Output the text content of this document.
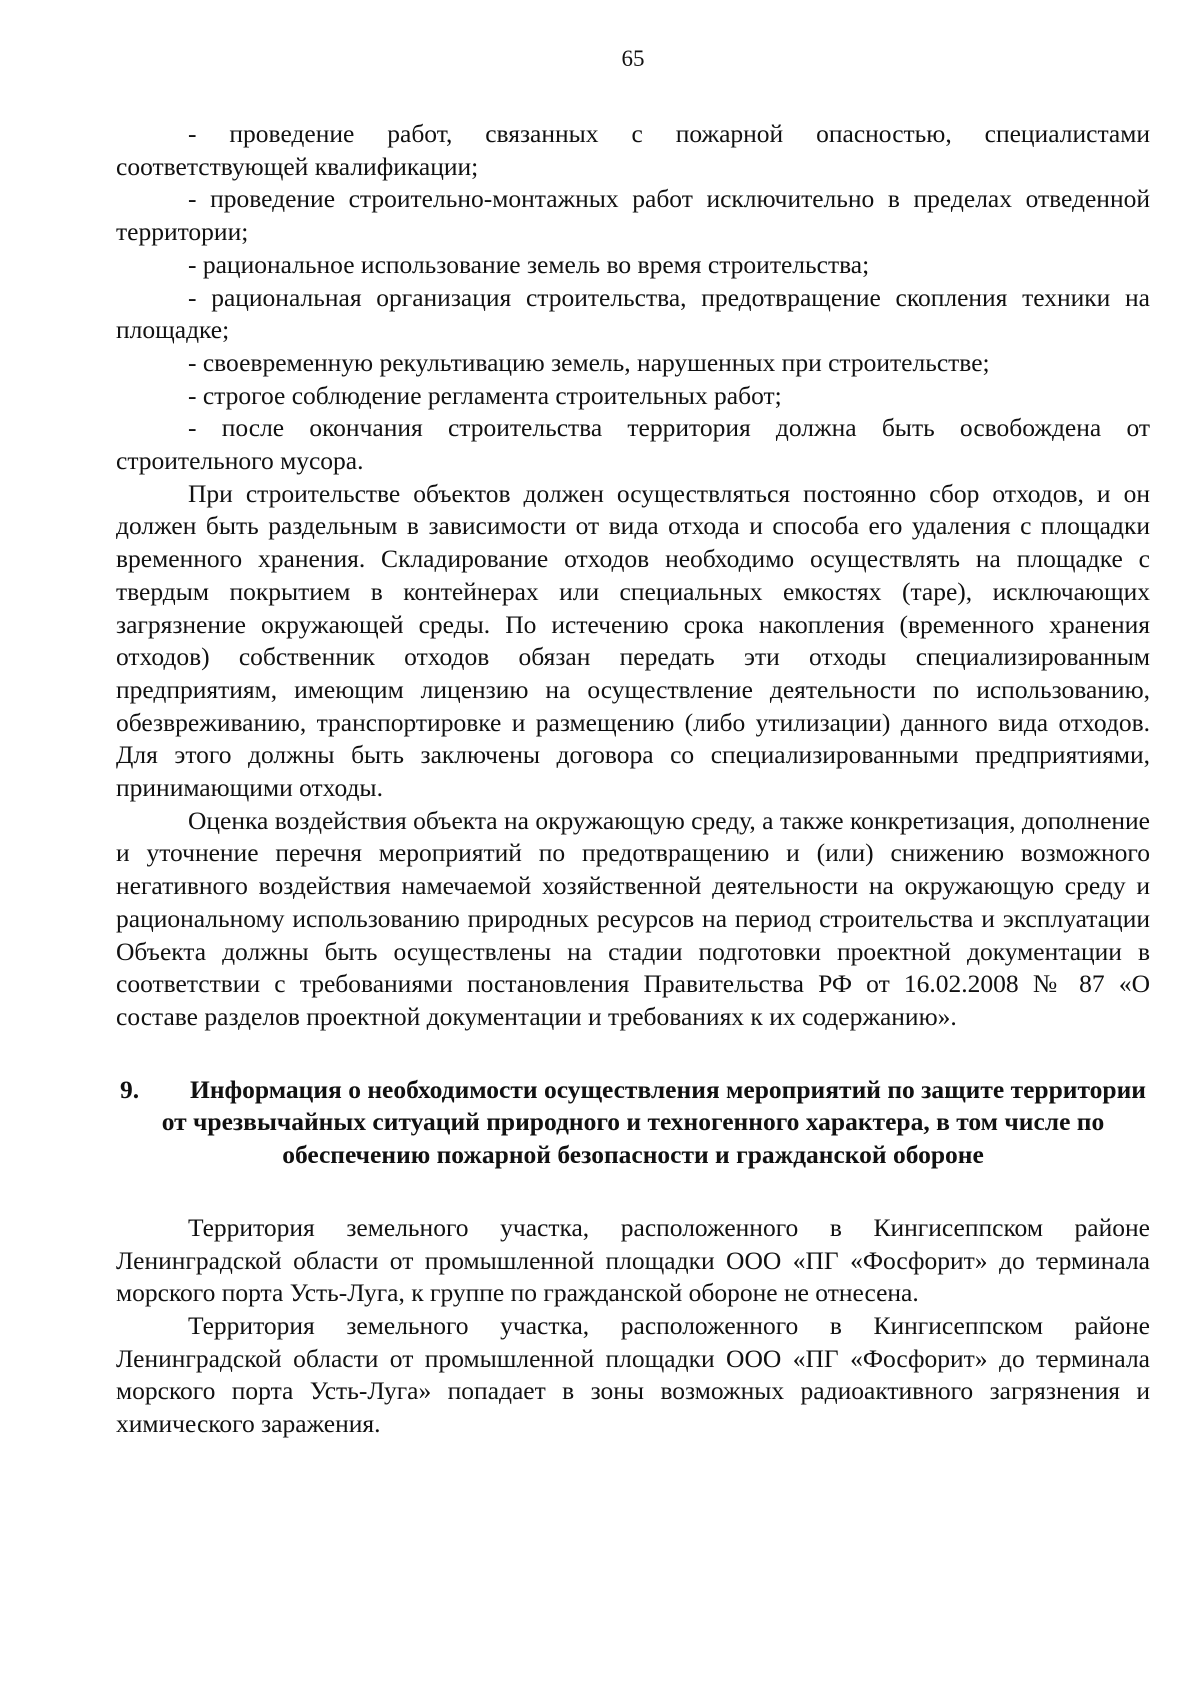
65

- проведение работ, связанных с пожарной опасностью, специалистами соответствующей квалификации;

- проведение строительно-монтажных работ исключительно в пределах отведенной территории;

- рациональное использование земель во время строительства;

- рациональная организация строительства, предотвращение скопления техники на площадке;

- своевременную рекультивацию земель, нарушенных при строительстве;

- строгое соблюдение регламента строительных работ;

- после окончания строительства территория должна быть освобождена от строительного мусора.

При строительстве объектов должен осуществляться постоянно сбор отходов, и он должен быть раздельным в зависимости от вида отхода и способа его удаления с площадки временного хранения. Складирование отходов необходимо осуществлять на площадке с твердым покрытием в контейнерах или специальных емкостях (таре), исключающих загрязнение окружающей среды. По истечению срока накопления (временного хранения отходов) собственник отходов обязан передать эти отходы специализированным предприятиям, имеющим лицензию на осуществление деятельности по использованию, обезвреживанию, транспортировке и размещению (либо утилизации) данного вида отходов. Для этого должны быть заключены договора со специализированными предприятиями, принимающими отходы.

Оценка воздействия объекта на окружающую среду, а также конкретизация, дополнение и уточнение перечня мероприятий по предотвращению и (или) снижению возможного негативного воздействия намечаемой хозяйственной деятельности на окружающую среду и рациональному использованию природных ресурсов на период строительства и эксплуатации Объекта должны быть осуществлены на стадии подготовки проектной документации в соответствии с требованиями постановления Правительства РФ от 16.02.2008 № 87 «О составе разделов проектной документации и требованиях к их содержанию».

9. Информация о необходимости осуществления мероприятий по защите территории от чрезвычайных ситуаций природного и техногенного характера, в том числе по обеспечению пожарной безопасности и гражданской обороне

Территория земельного участка, расположенного в Кингисеппском районе Ленинградской области от промышленной площадки ООО «ПГ «Фосфорит» до терминала морского порта Усть-Луга, к группе по гражданской обороне не отнесена.

Территория земельного участка, расположенного в Кингисеппском районе Ленинградской области от промышленной площадки ООО «ПГ «Фосфорит» до терминала морского порта Усть-Луга» попадает в зоны возможных радиоактивного загрязнения и химического заражения.
